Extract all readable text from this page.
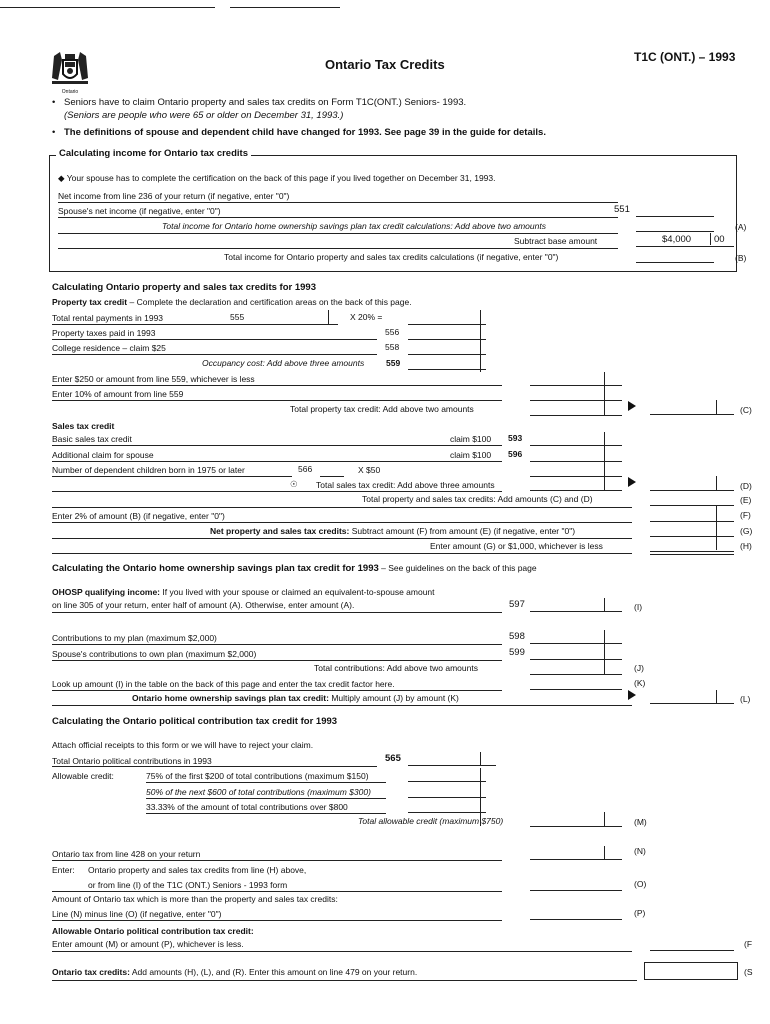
Ontario
Ontario Tax Credits	T1C (ONT.) – 1993
• Seniors have to claim Ontario property and sales tax credits on Form T1C(ONT.) Seniors- 1993.
(Seniors are people who were 65 or older on December 31, 1993.)
• The definitions of spouse and dependent child have changed for 1993. See page 39 in the guide for details.
Calculating income for Ontario tax credits
◆ Your spouse has to complete the certification on the back of this page if you lived together on December 31, 1993.
Net income from line 236 of your return (if negative, enter "0")
Spouse's net income (if negative, enter "0")	551
Total income for Ontario home ownership savings plan tax credit calculations: Add above two amounts	(A)
Subtract base amount	$4,000 00
Total income for Ontario property and sales tax credits calculations (if negative, enter "0")	(B)
Calculating Ontario property and sales tax credits for 1993
Property tax credit – Complete the declaration and certification areas on the back of this page.
Total rental payments in 1993	555	X 20% =
Property taxes paid in 1993	556
College residence – claim $25	558
Occupancy cost: Add above three amounts	559
Enter $250 or amount from line 559, whichever is less
Enter 10% of amount from line 559
Total property tax credit: Add above two amounts	(C)
Sales tax credit
Basic sales tax credit	claim $100 593
Additional claim for spouse	claim $100 596
Number of dependent children born in 1975 or later	566	X $50
☉ Total sales tax credit: Add above three amounts	(D)
Total property and sales tax credits: Add amounts (C) and (D)	(E)
Enter 2% of amount (B) (if negative, enter "0")	(F)
Net property and sales tax credits: Subtract amount (F) from amount (E) (if negative, enter "0")	(G)
Enter amount (G) or $1,000, whichever is less	(H)
Calculating the Ontario home ownership savings plan tax credit for 1993 – See guidelines on the back of this page
OHOSP qualifying income: If you lived with your spouse or claimed an equivalent-to-spouse amount
on line 305 of your return, enter half of amount (A). Otherwise, enter amount (A).	597	(I)
Contributions to my plan (maximum $2,000)	598
Spouse's contributions to own plan (maximum $2,000)	599
Total contributions: Add above two amounts	(J)
Look up amount (I) in the table on the back of this page and enter the tax credit factor here.	(K)
Ontario home ownership savings plan tax credit: Multiply amount (J) by amount (K)	(L)
Calculating the Ontario political contribution tax credit for 1993
Attach official receipts to this form or we will have to reject your claim.
Total Ontario political contributions in 1993	565
Allowable credit:	75% of the first $200 of total contributions (maximum $150)
50% of the next $600 of total contributions (maximum $300)
33.33% of the amount of total contributions over $800
Total allowable credit (maximum $750)	(M)
Ontario tax from line 428 on your return	(N)
Enter: Ontario property and sales tax credits from line (H) above,
or from line (I) of the T1C (ONT.) Seniors - 1993 form	(O)
Amount of Ontario tax which is more than the property and sales tax credits:
Line (N) minus line (O) (if negative, enter "0")	(P)
Allowable Ontario political contribution tax credit:
Enter amount (M) or amount (P), whichever is less.	(F
Ontario tax credits: Add amounts (H), (L), and (R). Enter this amount on line 479 on your return.	(S
